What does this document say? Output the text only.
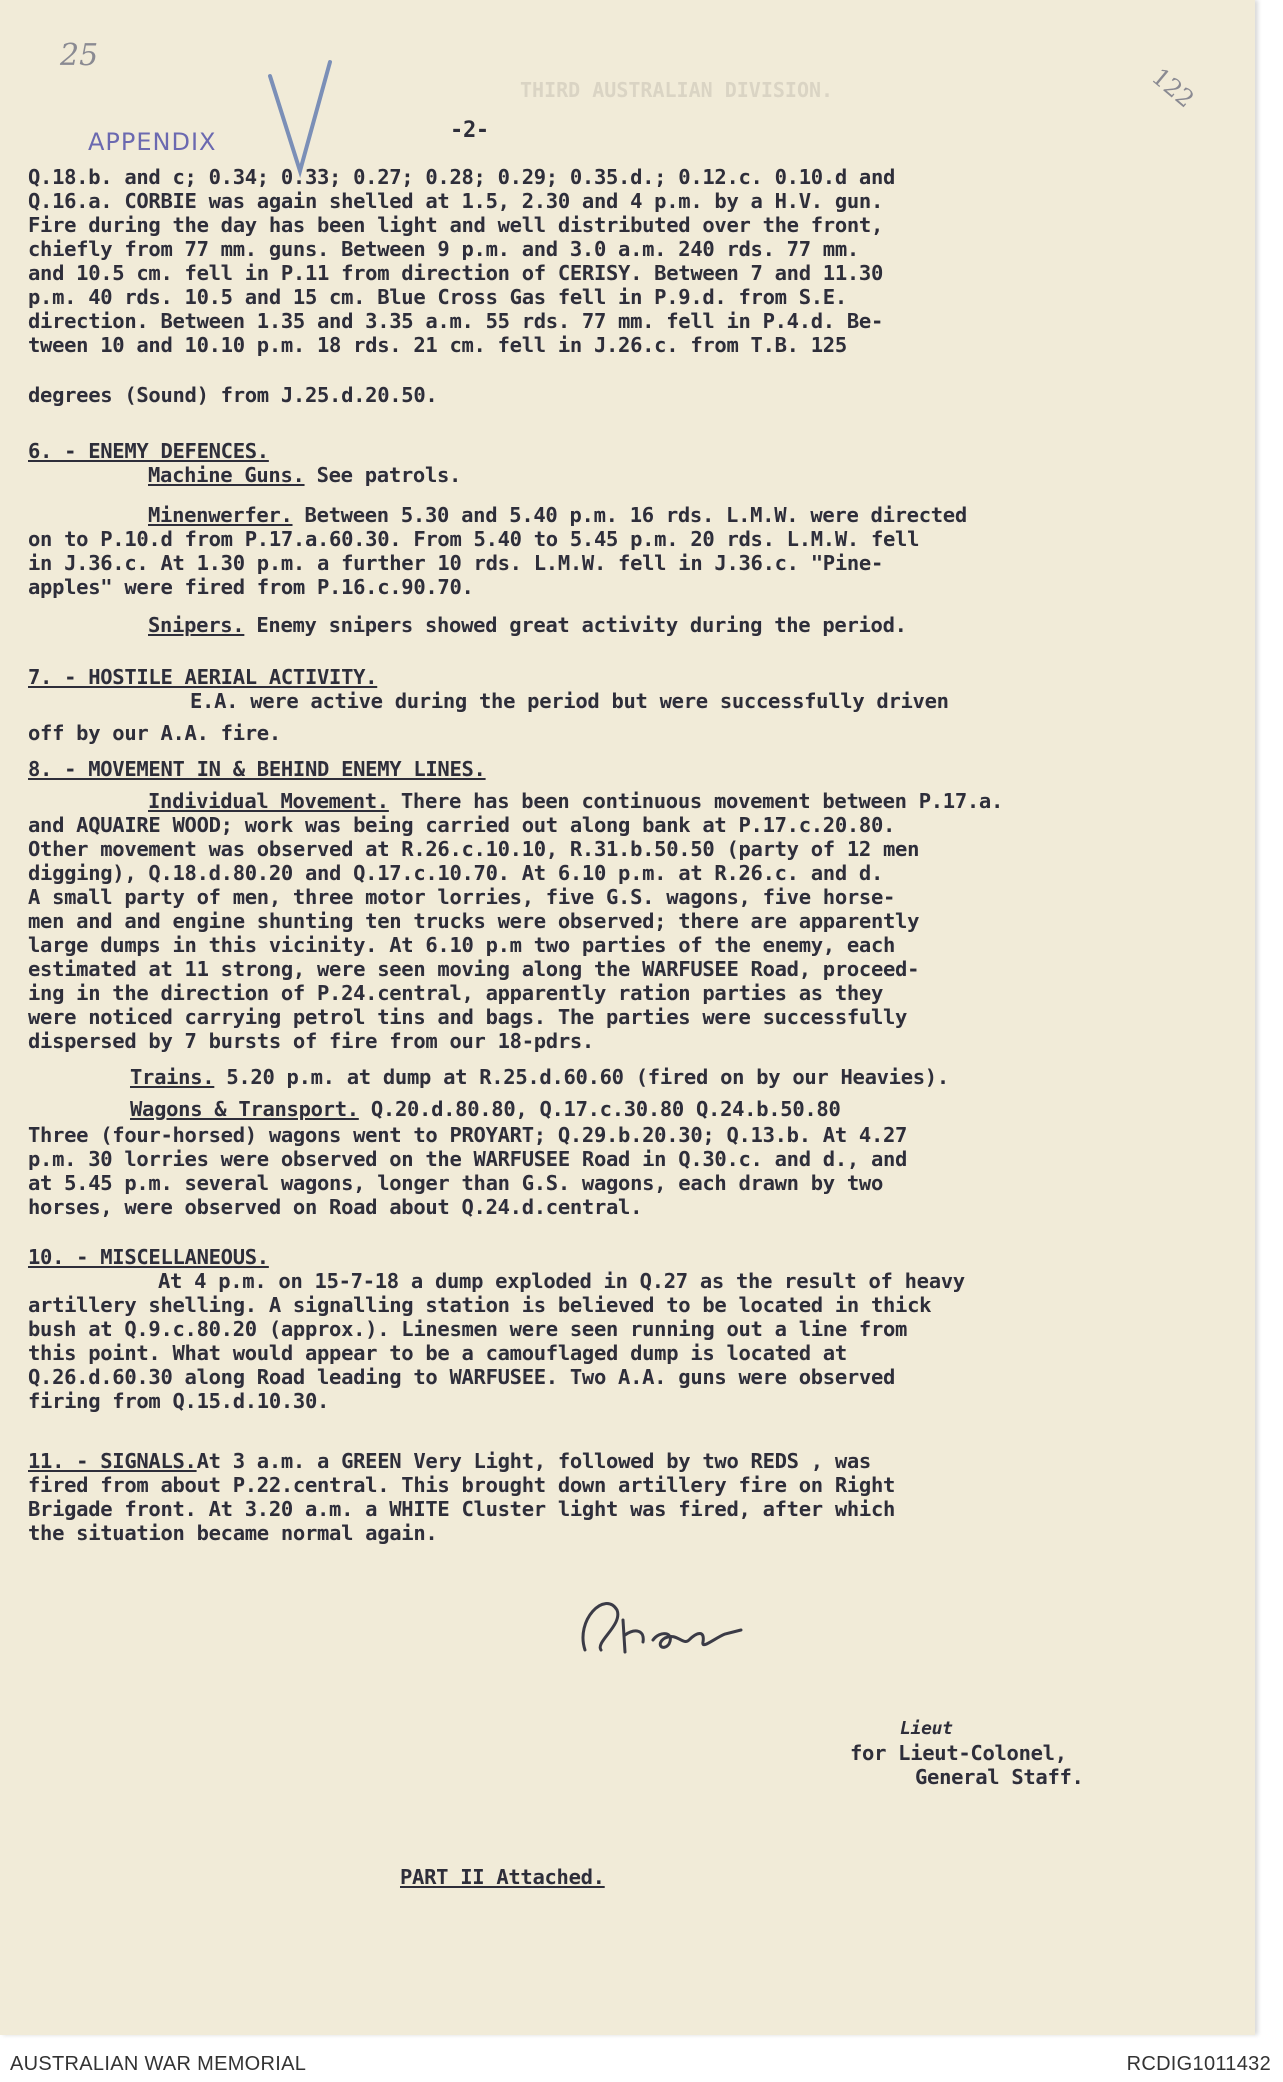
THIRD AUSTRALIAN DIVISION.
25
APPENDIX
122
-2-
Q.18.b. and c; 0.34; 0.33; 0.27; 0.28; 0.29; 0.35.d.; 0.12.c. 0.10.d and
Q.16.a. CORBIE was again shelled at 1.5, 2.30 and 4 p.m. by a H.V. gun.
Fire during the day has been light and well distributed over the front,
chiefly from 77 mm. guns. Between 9 p.m. and 3.0 a.m. 240 rds. 77 mm.
and 10.5 cm. fell in P.11 from direction of CERISY. Between 7 and 11.30
p.m. 40 rds. 10.5 and 15 cm. Blue Cross Gas fell in P.9.d. from S.E.
direction. Between 1.35 and 3.35 a.m. 55 rds. 77 mm. fell in P.4.d. Be-
tween 10 and 10.10 p.m. 18 rds. 21 cm. fell in J.26.c. from T.B. 125
degrees (Sound) from J.25.d.20.50.
6. - ENEMY DEFENCES.
Machine Guns. See patrols.
Minenwerfer. Between 5.30 and 5.40 p.m. 16 rds. L.M.W. were directed
on to P.10.d from P.17.a.60.30. From 5.40 to 5.45 p.m. 20 rds. L.M.W. fell
in J.36.c. At 1.30 p.m. a further 10 rds. L.M.W. fell in J.36.c. "Pine-
apples" were fired from P.16.c.90.70.
Snipers. Enemy snipers showed great activity during the period.
7. - HOSTILE AERIAL ACTIVITY.
E.A. were active during the period but were successfully driven
off by our A.A. fire.
8. - MOVEMENT IN & BEHIND ENEMY LINES.
Individual Movement. There has been continuous movement between P.17.a.
and AQUAIRE WOOD; work was being carried out along bank at P.17.c.20.80.
Other movement was observed at R.26.c.10.10, R.31.b.50.50 (party of 12 men
digging), Q.18.d.80.20 and Q.17.c.10.70. At 6.10 p.m. at R.26.c. and d.
A small party of men, three motor lorries, five G.S. wagons, five horse-
men and and engine shunting ten trucks were observed; there are apparently
large dumps in this vicinity. At 6.10 p.m two parties of the enemy, each
estimated at 11 strong, were seen moving along the WARFUSEE Road, proceed-
ing in the direction of P.24.central, apparently ration parties as they
were noticed carrying petrol tins and bags. The parties were successfully
dispersed by 7 bursts of fire from our 18-pdrs.
Trains. 5.20 p.m. at dump at R.25.d.60.60 (fired on by our Heavies).
Wagons & Transport. Q.20.d.80.80, Q.17.c.30.80 Q.24.b.50.80
Three (four-horsed) wagons went to PROYART; Q.29.b.20.30; Q.13.b. At 4.27
p.m. 30 lorries were observed on the WARFUSEE Road in Q.30.c. and d., and
at 5.45 p.m. several wagons, longer than G.S. wagons, each drawn by two
horses, were observed on Road about Q.24.d.central.
10. - MISCELLANEOUS.
At 4 p.m. on 15-7-18 a dump exploded in Q.27 as the result of heavy
artillery shelling. A signalling station is believed to be located in thick
bush at Q.9.c.80.20 (approx.). Linesmen were seen running out a line from
this point. What would appear to be a camouflaged dump is located at
Q.26.d.60.30 along Road leading to WARFUSEE. Two A.A. guns were observed
firing from Q.15.d.10.30.
11. - SIGNALS.At 3 a.m. a GREEN Very Light, followed by two REDS , was
fired from about P.22.central. This brought down artillery fire on Right
Brigade front. At 3.20 a.m. a WHITE Cluster light was fired, after which
the situation became normal again.
Lieut
for Lieut-Colonel,
General Staff.
PART II Attached.
AUSTRALIAN WAR MEMORIAL	RCDIG1011432
